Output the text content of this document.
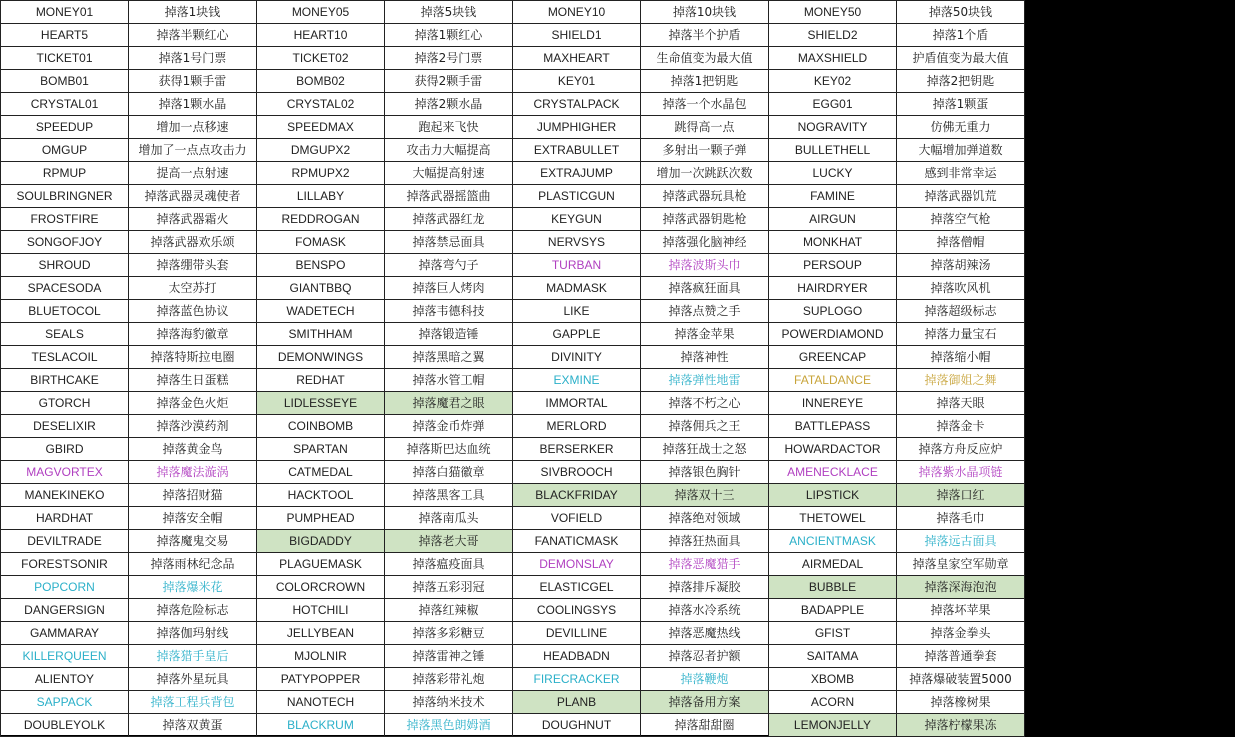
MONEY01	掉落1块钱	MONEY05	掉落5块钱	MONEY10	掉落10块钱	MONEY50	掉落50块钱
HEART5	掉落半颗红心	HEART10	掉落1颗红心	SHIELD1	掉落半个护盾	SHIELD2	掉落1个盾
TICKET01	掉落1号门票	TICKET02	掉落2号门票	MAXHEART	生命值变为最大值	MAXSHIELD	护盾值变为最大值
BOMB01	获得1颗手雷	BOMB02	获得2颗手雷	KEY01	掉落1把钥匙	KEY02	掉落2把钥匙
CRYSTAL01	掉落1颗水晶	CRYSTAL02	掉落2颗水晶	CRYSTALPACK	掉落一个水晶包	EGG01	掉落1颗蛋
SPEEDUP	增加一点移速	SPEEDMAX	跑起来飞快	JUMPHIGHER	跳得高一点	NOGRAVITY	仿佛无重力
OMGUP	增加了一点点攻击力	DMGUPX2	攻击力大幅提高	EXTRABULLET	多射出一颗子弹	BULLETHELL	大幅增加弹道数
RPMUP	提高一点射速	RPMUPX2	大幅提高射速	EXTRAJUMP	增加一次跳跃次数	LUCKY	感到非常幸运
SOULBRINGNER	掉落武器灵魂使者	LILLABY	掉落武器摇篮曲	PLASTICGUN	掉落武器玩具枪	FAMINE	掉落武器饥荒
FROSTFIRE	掉落武器霜火	REDDROGAN	掉落武器红龙	KEYGUN	掉落武器钥匙枪	AIRGUN	掉落空气枪
SONGOFJOY	掉落武器欢乐颂	FOMASK	掉落禁忌面具	NERVSYS	掉落强化脑神经	MONKHAT	掉落僧帽
SHROUD	掉落绷带头套	BENSPO	掉落弯勺子	TURBAN	掉落波斯头巾	PERSOUP	掉落胡辣汤
SPACESODA	太空苏打	GIANTBBQ	掉落巨人烤肉	MADMASK	掉落疯狂面具	HAIRDRYER	掉落吹风机
BLUETOCOL	掉落蓝色协议	WADETECH	掉落韦德科技	LIKE	掉落点赞之手	SUPLOGO	掉落超级标志
SEALS	掉落海豹徽章	SMITHHAM	掉落锻造锤	GAPPLE	掉落金苹果	POWERDIAMOND	掉落力量宝石
TESLACOIL	掉落特斯拉电圈	DEMONWINGS	掉落黑暗之翼	DIVINITY	掉落神性	GREENCAP	掉落缩小帽
BIRTHCAKE	掉落生日蛋糕	REDHAT	掉落水管工帽	EXMINE	掉落弹性地雷	FATALDANCE	掉落御姐之舞
GTORCH	掉落金色火炬	LIDLESSEYE	掉落魔君之眼	IMMORTAL	掉落不朽之心	INNEREYE	掉落天眼
DESELIXIR	掉落沙漠药剂	COINBOMB	掉落金币炸弹	MERLORD	掉落佣兵之王	BATTLEPASS	掉落金卡
GBIRD	掉落黄金鸟	SPARTAN	掉落斯巴达血统	BERSERKER	掉落狂战士之怒	HOWARDACTOR	掉落方舟反应炉
MAGVORTEX	掉落魔法漩涡	CATMEDAL	掉落白猫徽章	SIVBROOCH	掉落银色胸针	AMENECKLACE	掉落紫水晶项链
MANEKINEKO	掉落招财猫	HACKTOOL	掉落黑客工具	BLACKFRIDAY	掉落双十三	LIPSTICK	掉落口红
HARDHAT	掉落安全帽	PUMPHEAD	掉落南瓜头	VOFIELD	掉落绝对领域	THETOWEL	掉落毛巾
DEVILTRADE	掉落魔鬼交易	BIGDADDY	掉落老大哥	FANATICMASK	掉落狂热面具	ANCIENTMASK	掉落远古面具
FORESTSONIR	掉落雨林纪念品	PLAGUEMASK	掉落瘟疫面具	DEMONSLAY	掉落恶魔猎手	AIRMEDAL	掉落皇家空军勋章
POPCORN	掉落爆米花	COLORCROWN	掉落五彩羽冠	ELASTICGEL	掉落排斥凝胶	BUBBLE	掉落深海泡泡
DANGERSIGN	掉落危险标志	HOTCHILI	掉落红辣椒	COOLINGSYS	掉落水冷系统	BADAPPLE	掉落坏苹果
GAMMARAY	掉落伽玛射线	JELLYBEAN	掉落多彩糖豆	DEVILLINE	掉落恶魔热线	GFIST	掉落金拳头
KILLERQUEEN	掉落猎手皇后	MJOLNIR	掉落雷神之锤	HEADBADN	掉落忍者护额	SAITAMA	掉落普通拳套
ALIENTOY	掉落外星玩具	PATYPOPPER	掉落彩带礼炮	FIRECRACKER	掉落鞭炮	XBOMB	掉落爆破装置5000
SAPPACK	掉落工程兵背包	NANOTECH	掉落纳米技术	PLANB	掉落备用方案	ACORN	掉落橡树果
DOUBLEYOLK	掉落双黄蛋	BLACKRUM	掉落黑色朗姆酒	DOUGHNUT	掉落甜甜圈	LEMONJELLY	掉落柠檬果冻
